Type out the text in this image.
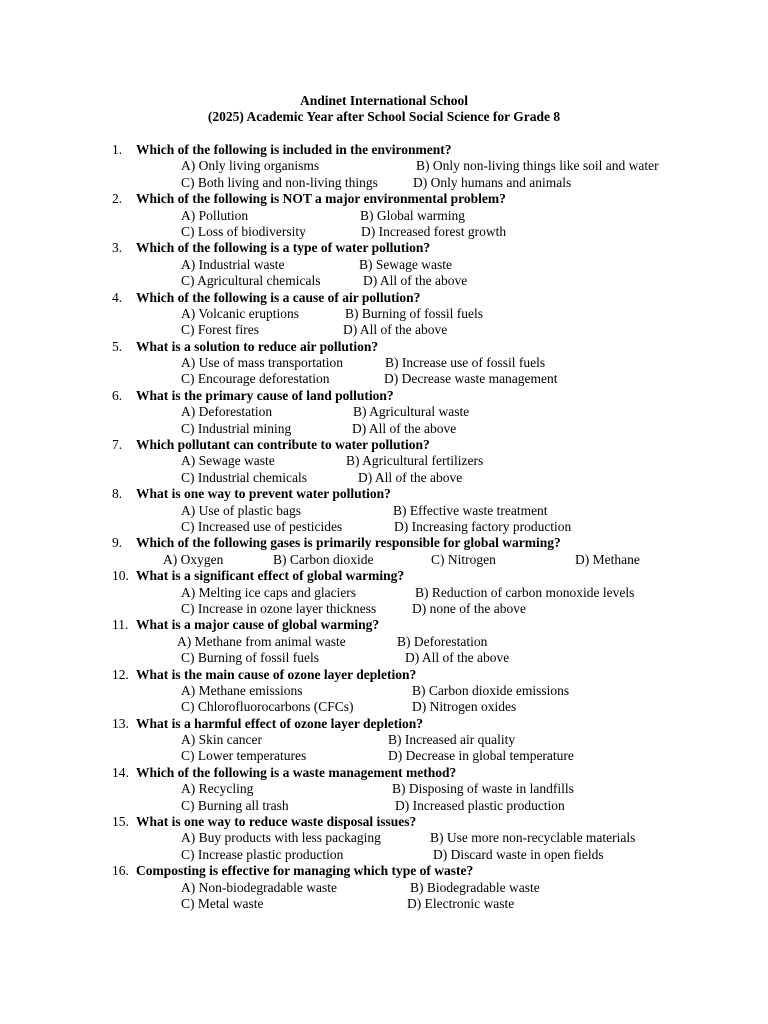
Andinet International School
(2025) Academic Year after School Social Science for Grade 8
1. Which of the following is included in the environment?
A) Only living organisms	B) Only non-living things like soil and water
C) Both living and non-living things	D) Only humans and animals
2. Which of the following is NOT a major environmental problem?
A) Pollution	B) Global warming
C) Loss of biodiversity	D) Increased forest growth
3. Which of the following is a type of water pollution?
A) Industrial waste	B) Sewage waste
C) Agricultural chemicals	D) All of the above
4. Which of the following is a cause of air pollution?
A) Volcanic eruptions	B) Burning of fossil fuels
C) Forest fires	D) All of the above
5. What is a solution to reduce air pollution?
A) Use of mass transportation	B) Increase use of fossil fuels
C) Encourage deforestation	D) Decrease waste management
6. What is the primary cause of land pollution?
A) Deforestation	B) Agricultural waste
C) Industrial mining	D) All of the above
7. Which pollutant can contribute to water pollution?
A) Sewage waste	B) Agricultural fertilizers
C) Industrial chemicals	D) All of the above
8. What is one way to prevent water pollution?
A) Use of plastic bags	B) Effective waste treatment
C) Increased use of pesticides	D) Increasing factory production
9. Which of the following gases is primarily responsible for global warming?
A) Oxygen	B) Carbon dioxide	C) Nitrogen	D) Methane
10. What is a significant effect of global warming?
A) Melting ice caps and glaciers	B) Reduction of carbon monoxide levels
C) Increase in ozone layer thickness	D) none of the above
11. What is a major cause of global warming?
A) Methane from animal waste	B) Deforestation
C) Burning of fossil fuels	D) All of the above
12. What is the main cause of ozone layer depletion?
A) Methane emissions	B) Carbon dioxide emissions
C) Chlorofluorocarbons (CFCs)	D) Nitrogen oxides
13. What is a harmful effect of ozone layer depletion?
A) Skin cancer	B) Increased air quality
C) Lower temperatures	D) Decrease in global temperature
14. Which of the following is a waste management method?
A) Recycling	B) Disposing of waste in landfills
C) Burning all trash	D) Increased plastic production
15. What is one way to reduce waste disposal issues?
A) Buy products with less packaging	B) Use more non-recyclable materials
C) Increase plastic production	D) Discard waste in open fields
16. Composting is effective for managing which type of waste?
A) Non-biodegradable waste	B) Biodegradable waste
C) Metal waste	D) Electronic waste
